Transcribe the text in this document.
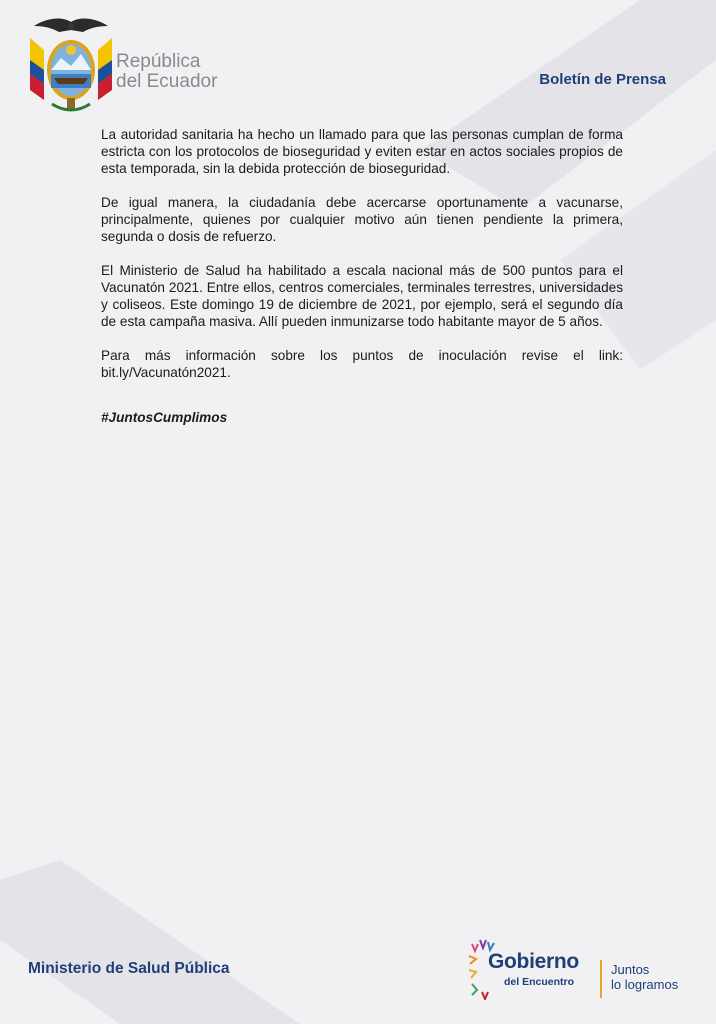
República
del Ecuador	Boletín de Prensa

La autoridad sanitaria ha hecho un llamado para que las personas cumplan de forma estricta con los protocolos de bioseguridad y eviten estar en actos sociales propios de esta temporada, sin la debida protección de bioseguridad.

De igual manera, la ciudadanía debe acercarse oportunamente a vacunarse, principalmente, quienes por cualquier motivo aún tienen pendiente la primera, segunda o dosis de refuerzo.

El Ministerio de Salud ha habilitado a escala nacional más de 500 puntos para el Vacunatón 2021. Entre ellos, centros comerciales, terminales terrestres, universidades y coliseos. Este domingo 19 de diciembre de 2021, por ejemplo, será el segundo día de esta campaña masiva. Allí pueden inmunizarse todo habitante mayor de 5 años.

Para más información sobre los puntos de inoculación revise el link: bit.ly/Vacunatón2021.

#JuntosCumplimos
Ministerio de Salud Pública	Gobierno
del Encuentro
Juntos
lo logramos
